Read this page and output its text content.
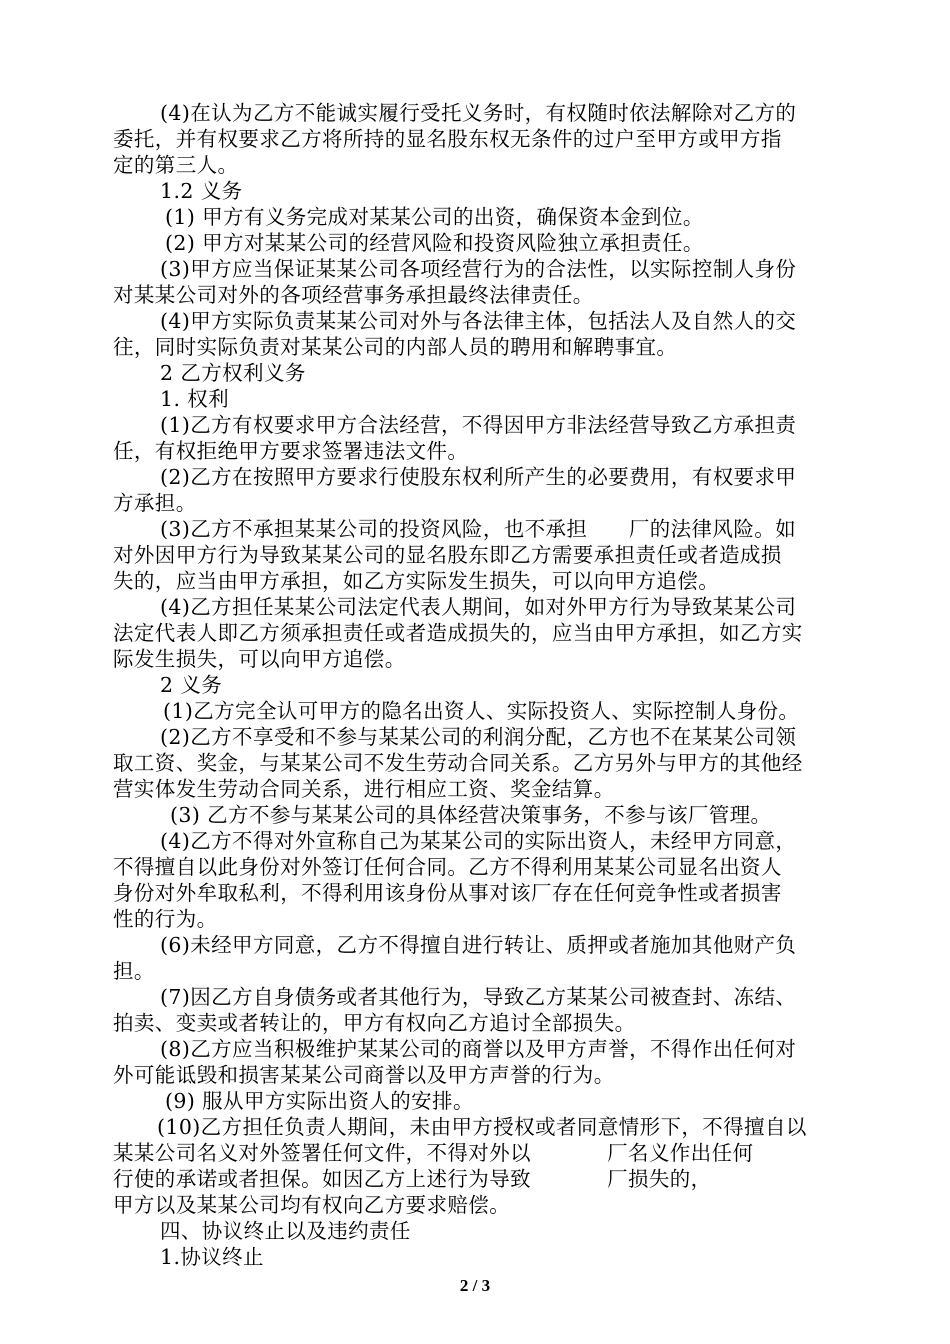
(4)在认为乙方不能诚实履行受托义务时，有权随时依法解除对乙方的
委托，并有权要求乙方将所持的显名股东权无条件的过户至甲方或甲方指
定的第三人。
1.2 义务
(1) 甲方有义务完成对某某公司的出资，确保资本金到位。
(2) 甲方对某某公司的经营风险和投资风险独立承担责任。
(3)甲方应当保证某某公司各项经营行为的合法性，以实际控制人身份
对某某公司对外的各项经营事务承担最终法律责任。
(4)甲方实际负责某某公司对外与各法律主体，包括法人及自然人的交
往，同时实际负责对某某公司的内部人员的聘用和解聘事宜。
2 乙方权利义务
1. 权利
(1)乙方有权要求甲方合法经营，不得因甲方非法经营导致乙方承担责
任，有权拒绝甲方要求签署违法文件。
(2)乙方在按照甲方要求行使股东权利所产生的必要费用，有权要求甲
方承担。
(3)乙方不承担某某公司的投资风险，也不承担      厂的法律风险。如
对外因甲方行为导致某某公司的显名股东即乙方需要承担责任或者造成损
失的，应当由甲方承担，如乙方实际发生损失，可以向甲方追偿。
(4)乙方担任某某公司法定代表人期间，如对外甲方行为导致某某公司
法定代表人即乙方须承担责任或者造成损失的，应当由甲方承担，如乙方实
际发生损失，可以向甲方追偿。
2 义务
(1)乙方完全认可甲方的隐名出资人、实际投资人、实际控制人身份。
(2)乙方不享受和不参与某某公司的利润分配，乙方也不在某某公司领
取工资、奖金，与某某公司不发生劳动合同关系。乙方另外与甲方的其他经
营实体发生劳动合同关系，进行相应工资、奖金结算。
(3) 乙方不参与某某公司的具体经营决策事务，不参与该厂管理。
(4)乙方不得对外宣称自己为某某公司的实际出资人，未经甲方同意，
不得擅自以此身份对外签订任何合同。乙方不得利用某某公司显名出资人
身份对外牟取私利，不得利用该身份从事对该厂存在任何竞争性或者损害
性的行为。
(6)未经甲方同意，乙方不得擅自进行转让、质押或者施加其他财产负
担。
(7)因乙方自身债务或者其他行为，导致乙方某某公司被查封、冻结、
拍卖、变卖或者转让的，甲方有权向乙方追讨全部损失。
(8)乙方应当积极维护某某公司的商誉以及甲方声誉，不得作出任何对
外可能诋毁和损害某某公司商誉以及甲方声誉的行为。
(9) 服从甲方实际出资人的安排。
(10)乙方担任负责人期间，未由甲方授权或者同意情形下，不得擅自以
某某公司名义对外签署任何文件，不得对外以           厂名义作出任何
行使的承诺或者担保。如因乙方上述行为导致           厂损失的，
甲方以及某某公司均有权向乙方要求赔偿。
四、协议终止以及违约责任
1.协议终止
2 / 3
